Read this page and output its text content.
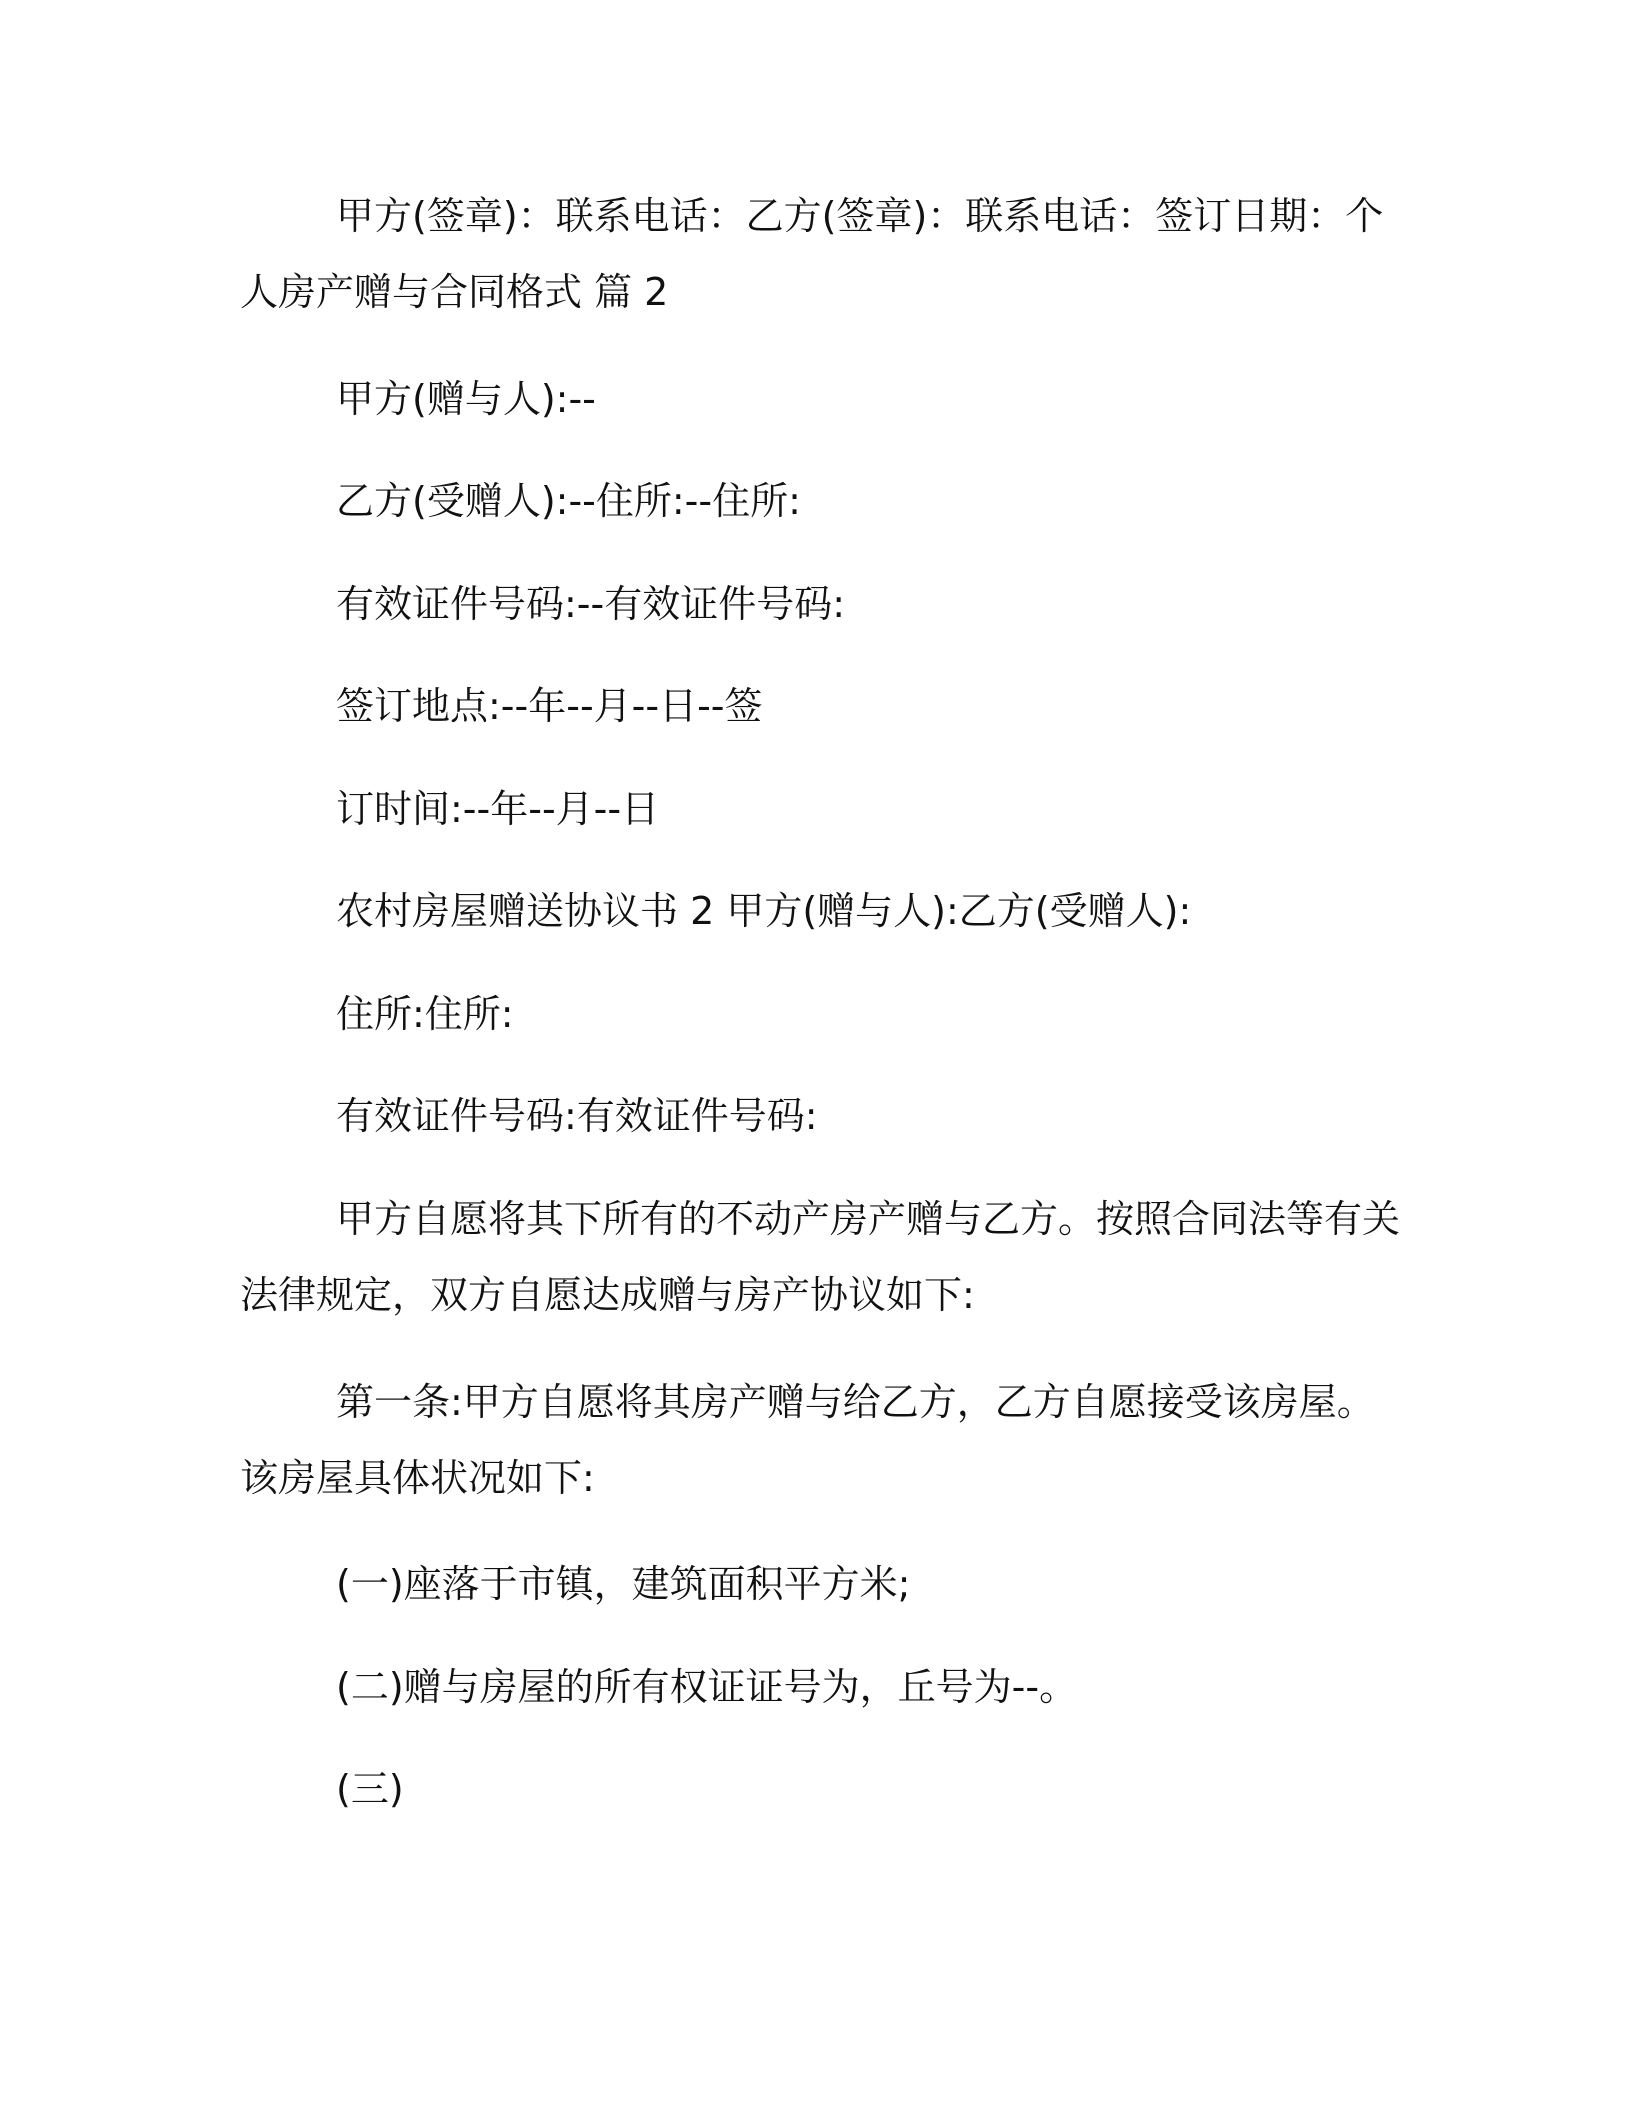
甲方(签章)：联系电话：乙方(签章)：联系电话：签订日期：个人房产赠与合同格式 篇 2

甲方(赠与人):--

乙方(受赠人):--住所:--住所:

有效证件号码:--有效证件号码:

签订地点:--年--月--日--签

订时间:--年--月--日

农村房屋赠送协议书 2 甲方(赠与人):乙方(受赠人):

住所:住所:

有效证件号码:有效证件号码:

甲方自愿将其下所有的不动产房产赠与乙方。按照合同法等有关法律规定，双方自愿达成赠与房产协议如下:

第一条:甲方自愿将其房产赠与给乙方，乙方自愿接受该房屋。该房屋具体状况如下:

(一)座落于市镇，建筑面积平方米;

(二)赠与房屋的所有权证证号为，丘号为--。

(三)
